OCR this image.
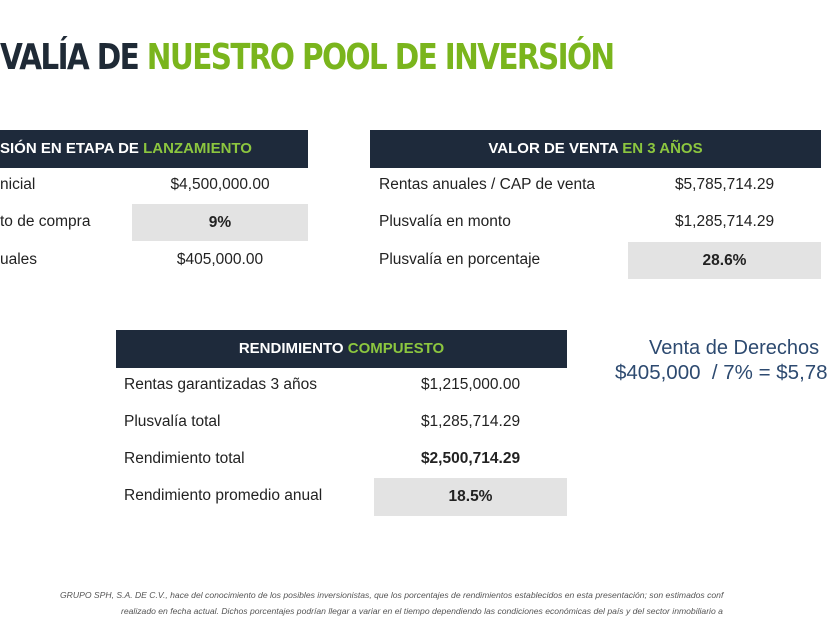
VALÍA DE NUESTRO POOL DE INVERSIÓN
SIÓN EN ETAPA DE LANZAMIENTO
nicial	$4,500,000.00
to de compra	9%
uales	$405,000.00
VALOR DE VENTA EN 3 AÑOS
Rentas anuales / CAP de venta	$5,785,714.29
Plusvalía en monto	$1,285,714.29
Plusvalía en porcentaje	28.6%
RENDIMIENTO COMPUESTO
Rentas garantizadas 3 años	$1,215,000.00
Plusvalía total	$1,285,714.29
Rendimiento total	$2,500,714.29
Rendimiento promedio anual	18.5%
Venta de Derechos
$405,000  / 7% = $5,78
GRUPO SPH, S.A. DE C.V., hace del conocimiento de los posibles inversionistas, que los porcentajes de rendimientos establecidos en esta presentación; son estimados conf
realizado en fecha actual. Dichos porcentajes podrían llegar a variar en el tiempo dependiendo las condiciones económicas del país y del sector inmobiliario a
